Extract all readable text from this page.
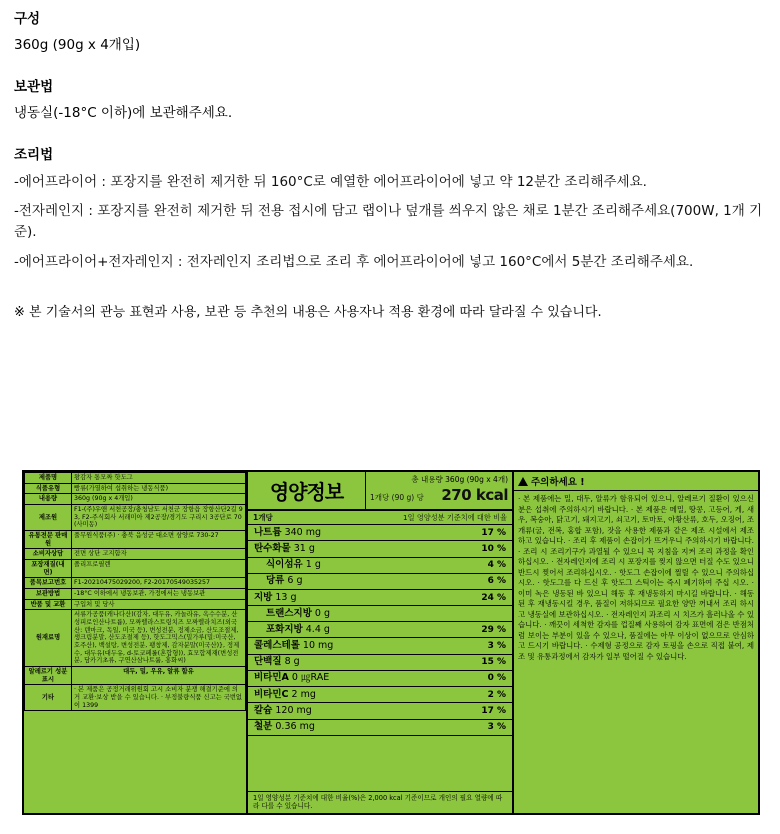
구성
360g (90g x 4개입)
보관법
냉동실(-18°C 이하)에 보관해주세요.
조리법
-에어프라이어 : 포장지를 완전히 제거한 뒤 160°C로 예열한 에어프라이어에 넣고 약 12분간 조리해주세요.
-전자레인지 : 포장지를 완전히 제거한 뒤 전용 접시에 담고 랩이나 덮개를 씌우지 않은 채로 1분간 조리해주세요(700W, 1개 기준).
-에어프라이어+전자레인지 : 전자레인지 조리법으로 조리 후 에어프라이어에 넣고 160°C에서 5분간 조리해주세요.
※ 본 기술서의 관능 표현과 사용, 보관 등 추천의 내용은 사용자나 적용 환경에 따라 달라질 수 있습니다.
제품명	왕감자 통모짜 핫도그
식품유형	빵류(가열하여 섭취하는 냉동식품)
내용량	360g (90g x 4개입)
제조원	F1-(주)우앤 서천공장/충청남도 서천군 장항읍 장항산단2길 93, F2-주식회사 서래미아 제2공장/경기도 구리시 3공단로 70 (사미동)
유통전문 판매원	풀무원식품(주) · 충북 음성군 대소면 삼양로 730-27
소비자상담	전면 상단 고지함자
포장재질(내면)	폴리프로필렌
품목보고번호	F1-20210475029200, F2-20170549035257
보관방법	-18°C 이하에서 냉동보관, 가정에서는 냉동보관
반품 및 교환	구입처 및 당사
원재료명	서류가공품(캐나다산)(감자, 대두유, 카놀라유, 옥수수분, 산성피로인산나트륨), 모짜렐라스트링치즈 모짜렐라치즈(외국산: 덴마크, 독일, 미국 등), 변성전분, 정제소금, 산도조절제, 생크림분말, 산도조절제 등), 핫도그믹스(밀가루(밀:미국산, 호주산), 백설탕, 변성전분, 팽창제, 감자분말(미국산)}, 정제수, 대두유(대두유, d-토코페롤(혼합형)), 효모합제재(변성전분, 담카기초류, 구연산삼나트륨, 홍화씨)
알레르기 성분표시	대두, 밀, 우유, 알류 함유
기타	· 본 제품은 공정거래위원회 고시 소비자 분쟁 해결기준에 의거 교환·보상 받을 수 있습니다. · 부정불량식품 신고는 국번없이 1399
영양정보
총 내용량 360g (90g x 4개)
1개당 (90 g) 당 270 kcal
1개당	1일 영양성분 기준치에 대한 비율
나트륨 340 mg	17 %
탄수화물 31 g	10 %
식이섬유 1 g	4 %
당류 6 g	6 %
지방 13 g	24 %
트랜스지방 0 g
포화지방 4.4 g	29 %
콜레스테롤 10 mg	3 %
단백질 8 g	15 %
비타민A 0 ㎍RAE	0 %
비타민C 2 mg	2 %
칼슘 120 mg	17 %
철분 0.36 mg	3 %
1일 영양성분 기준치에 대한 비율(%)은 2,000 kcal 기준이므로 개인의 필요 열량에 따라 다를 수 있습니다.
주의하세요 !
· 본 제품에는 밀, 대두, 알류가 함유되어 있으니, 알레르기 질환이 있으신 분은 섭취에 주의하시기 바랍니다. · 본 제품은 메밀, 땅콩, 고등어, 게, 새우, 복숭아, 닭고기, 돼지고기, 쇠고기, 토마토, 아황산류, 호두, 오징어, 조개류(굴, 전복, 홍합 포함), 잣을 사용한 제품과 같은 제조 시설에서 제조하고 있습니다. · 조리 후 제품이 손잡이가 뜨거우니 주의하시기 바랍니다. · 조리 시 조리기구가 과열될 수 있으니 꼭 지침을 지켜 조리 과정을 확인하십시오. · 전자레인지에 조리 시 포장지를 찢지 않으면 터질 수도 있으니 반드시 찢어서 조리하십시오. · 핫도그 손잡이에 찔릴 수 있으니 주의하십시오. · 핫도그를 다 드신 후 핫도그 스틱이는 즉시 폐기하여 주십 시오. · 이미 녹은 냉동된 바 있으니 해동 후 재냉동하지 마시길 바랍니다. · 해동된 후 재냉동시킬 경우, 품질이 저하되므로 필요한 양만 꺼내서 조리 하시고 냉동실에 보관하십시오. · 전자레인지 과조리 시 치즈가 흘러나올 수 있습니다. · 깨끗이 세척한 감자를 껍질째 사용하여 감자 표면에 검은 반점처럼 보이는 부분이 있을 수 있으나, 품질에는 아무 이상이 없으므로 안심하고 드시기 바랍니다. · 수제형 공정으로 감자 토핑을 손으로 직접 붙여, 제조 및 유통과정에서 감자가 일부 떨어질 수 있습니다.
